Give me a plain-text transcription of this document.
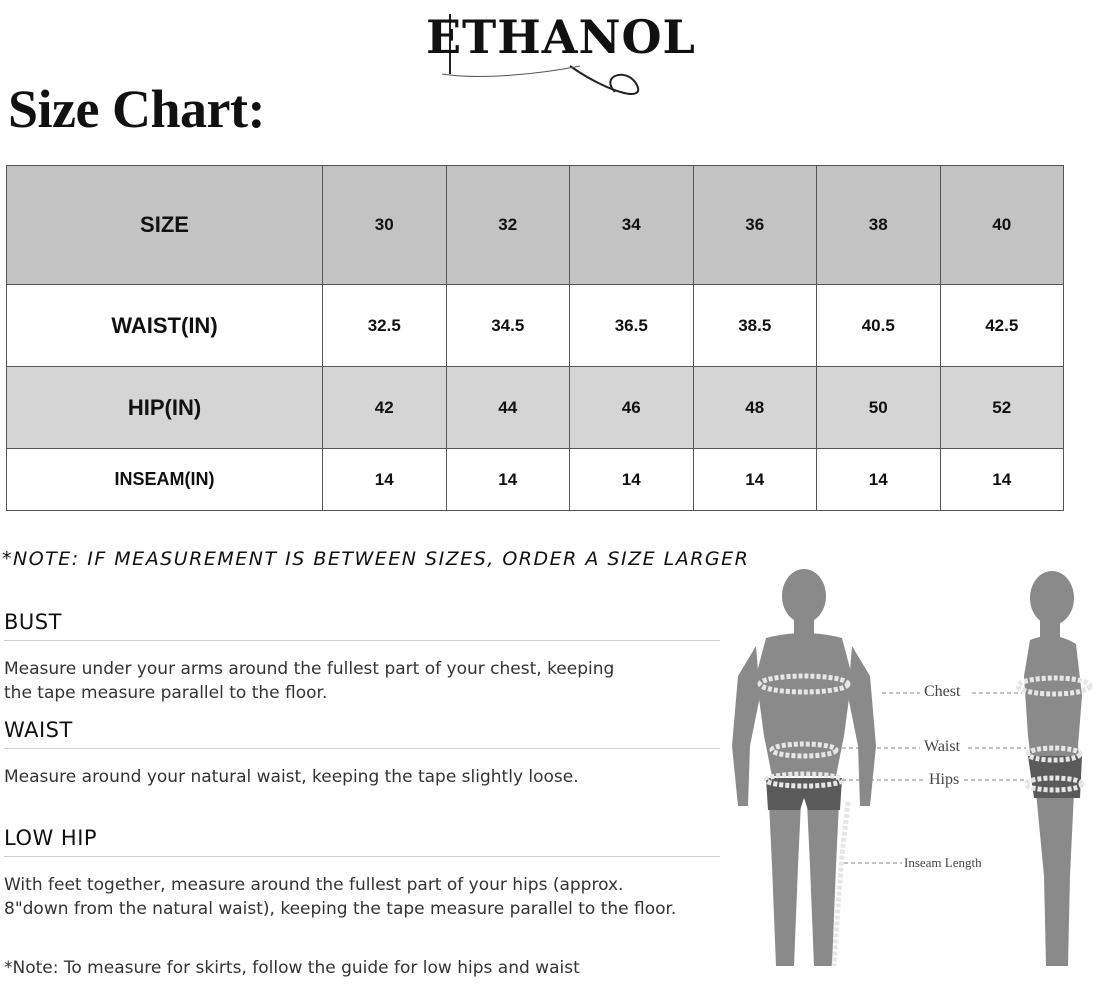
ETHANOL
Size Chart:
SIZE	30	32	34	36	38	40
WAIST(IN)	32.5	34.5	36.5	38.5	40.5	42.5
HIP(IN)	42	44	46	48	50	52
INSEAM(IN)	14	14	14	14	14	14
*NOTE: IF MEASUREMENT IS BETWEEN SIZES, ORDER A SIZE LARGER
BUST
Measure under your arms around the fullest part of your chest, keeping
the tape measure parallel to the floor.
WAIST
Measure around your natural waist, keeping the tape slightly loose.
LOW HIP
With feet together, measure around the fullest part of your hips (approx.
8"down from the natural waist), keeping the tape measure parallel to the floor.
*Note: To measure for skirts, follow the guide for low hips and waist
Chest
Waist
Hips
Inseam Length
